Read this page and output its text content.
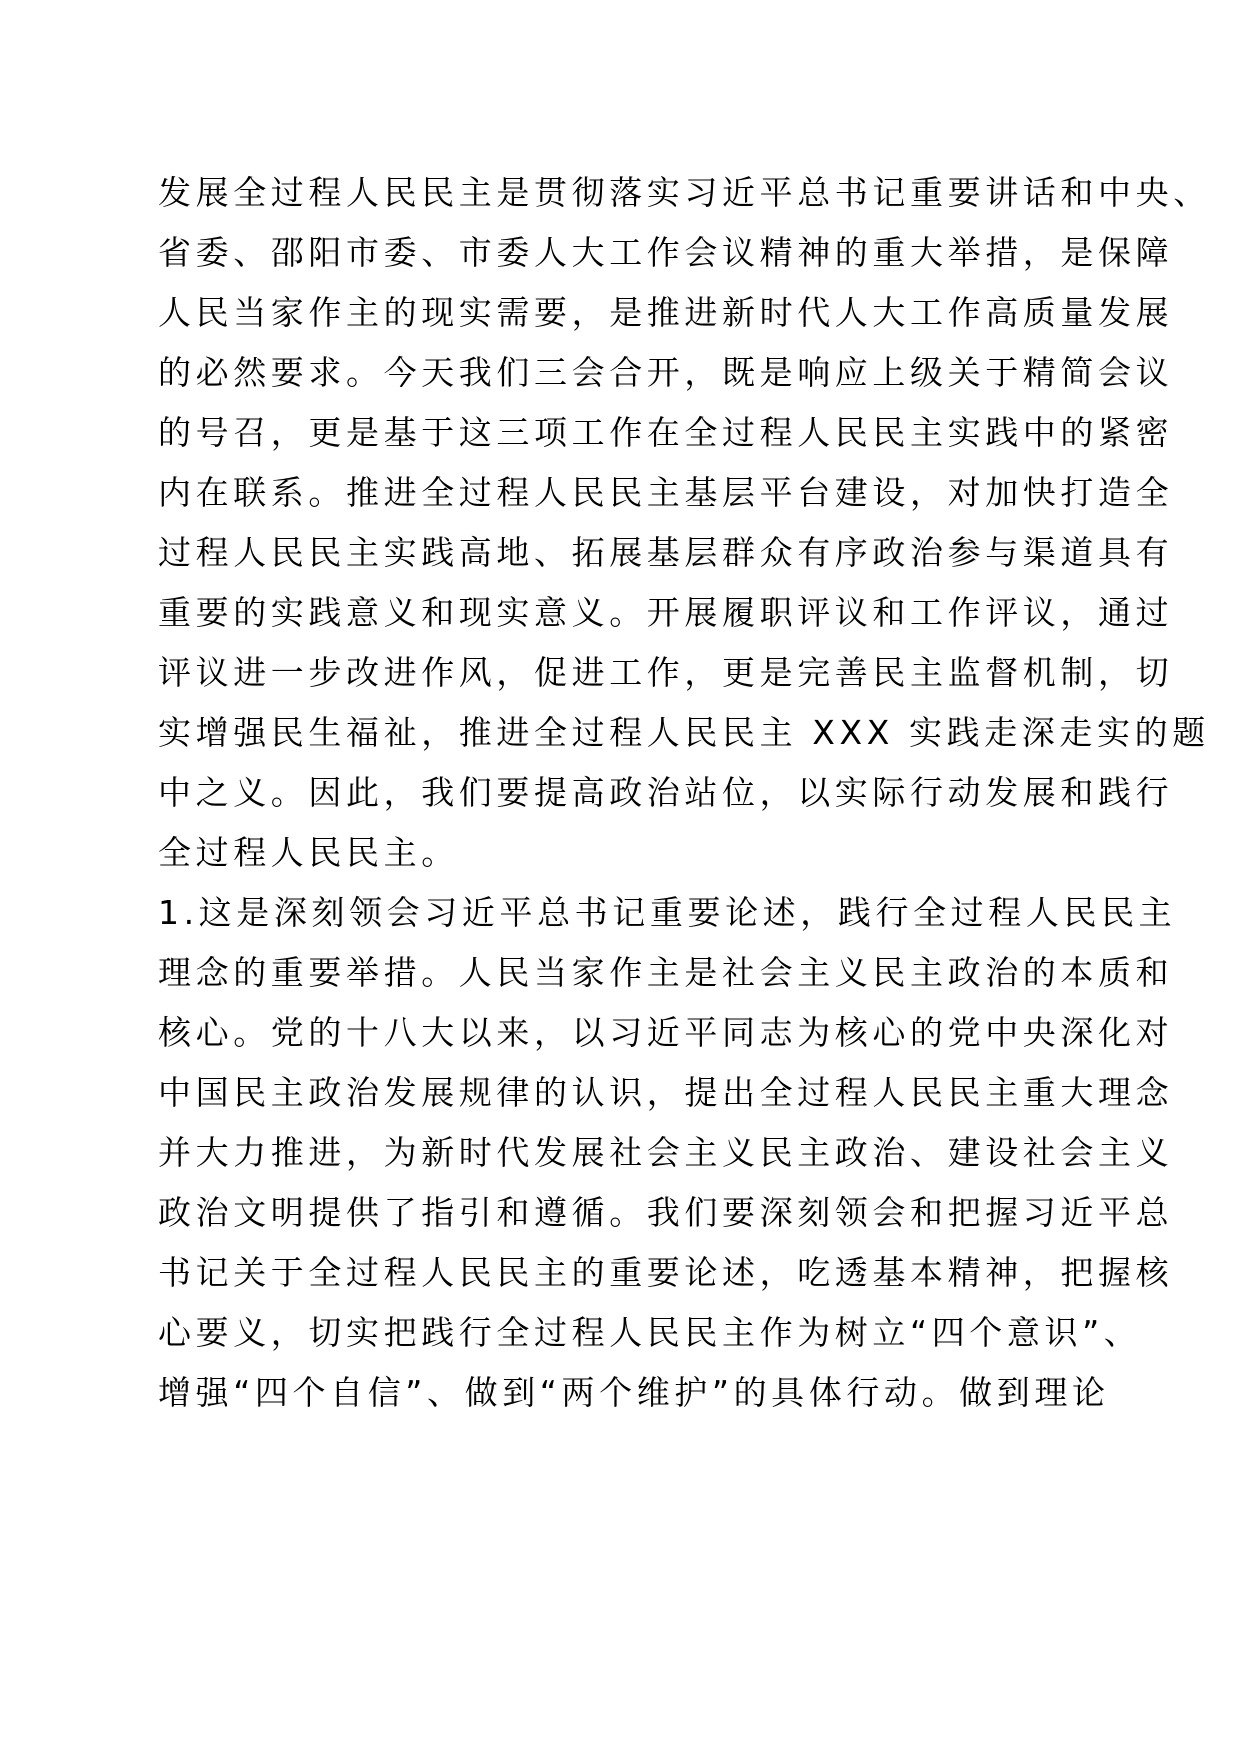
发展全过程人民民主是贯彻落实习近平总书记重要讲话和中央、
省委、邵阳市委、市委人大工作会议精神的重大举措，是保障
人民当家作主的现实需要，是推进新时代人大工作高质量发展
的必然要求。今天我们三会合开，既是响应上级关于精简会议
的号召，更是基于这三项工作在全过程人民民主实践中的紧密
内在联系。推进全过程人民民主基层平台建设，对加快打造全
过程人民民主实践高地、拓展基层群众有序政治参与渠道具有
重要的实践意义和现实意义。开展履职评议和工作评议，通过
评议进一步改进作风，促进工作，更是完善民主监督机制，切
实增强民生福祉，推进全过程人民民主 XXX 实践走深走实的题
中之义。因此，我们要提高政治站位，以实际行动发展和践行
全过程人民民主。
1.这是深刻领会习近平总书记重要论述，践行全过程人民民主
理念的重要举措。人民当家作主是社会主义民主政治的本质和
核心。党的十八大以来，以习近平同志为核心的党中央深化对
中国民主政治发展规律的认识，提出全过程人民民主重大理念
并大力推进，为新时代发展社会主义民主政治、建设社会主义
政治文明提供了指引和遵循。我们要深刻领会和把握习近平总
书记关于全过程人民民主的重要论述，吃透基本精神，把握核
心要义，切实把践行全过程人民民主作为树立“四个意识”、
增强“四个自信”、做到“两个维护”的具体行动。做到理论
